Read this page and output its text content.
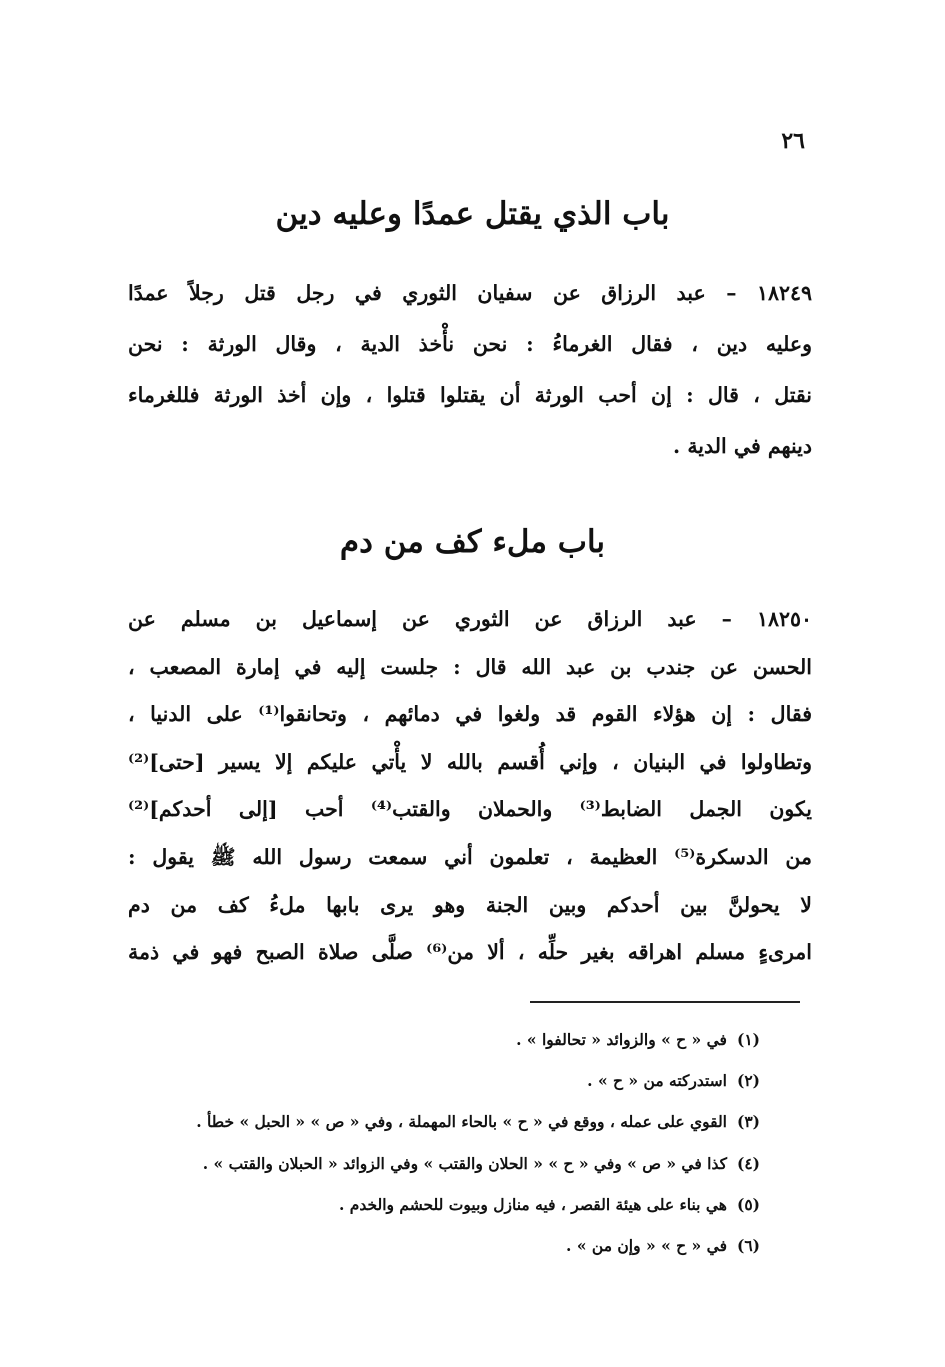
٢٦
باب الذي يقتل عمدًا وعليه دين
١٨٢٤٩ – عبد الرزاق عن سفيان الثوري في رجل قتل رجلاً عمدًا
وعليه دين ، فقال الغرماءُ : نحن نأْخذ الدية ، وقال الورثة : نحن
نقتل ، قال : إن أحب الورثة أن يقتلوا قتلوا ، وإن أخذ الورثة فللغرماء
دينهم في الدية .
باب ملء كف من دم
١٨٢٥٠ – عبد الرزاق عن الثوري عن إسماعيل بن مسلم عن
الحسن عن جندب بن عبد الله قال : جلست إليه في إمارة المصعب ،
فقال : إن هؤلاء القوم قد ولغوا في دمائهم ، وتحانقوا⁽¹⁾ على الدنيا ،
وتطاولوا في البنيان ، وإني أُقسم بالله لا يأْتي عليكم إلا يسير [حتى]⁽²⁾
يكون الجمل الضابط⁽³⁾ والحملان والقتب⁽⁴⁾ أحب [إلى أحدكم]⁽²⁾
من الدسكرة⁽⁵⁾ العظيمة ، تعلمون أني سمعت رسول الله ﷺ يقول :
لا يحولنَّ بين أحدكم وبين الجنة وهو يرى بابها ملءُ كف من دم
امرىءٍ مسلم اهراقه بغير حلِّه ، ألا من⁽⁶⁾ صلَّى صلاة الصبح فهو في ذمة
(١)في « ح » والزوائد « تحالفوا » .
(٢)استدركته من « ح » .
(٣)القوي على عمله ، ووقع في « ح » بالحاء المهملة ، وفي « ص » « الحبل » خطأ .
(٤)كذا في « ص » وفي « ح » « الحلان والقتب » وفي الزوائد « الحبلان والقتب » .
(٥)هي بناء على هيئة القصر ، فيه منازل وبيوت للحشم والخدم .
(٦)في « ح » « وإن من » .
